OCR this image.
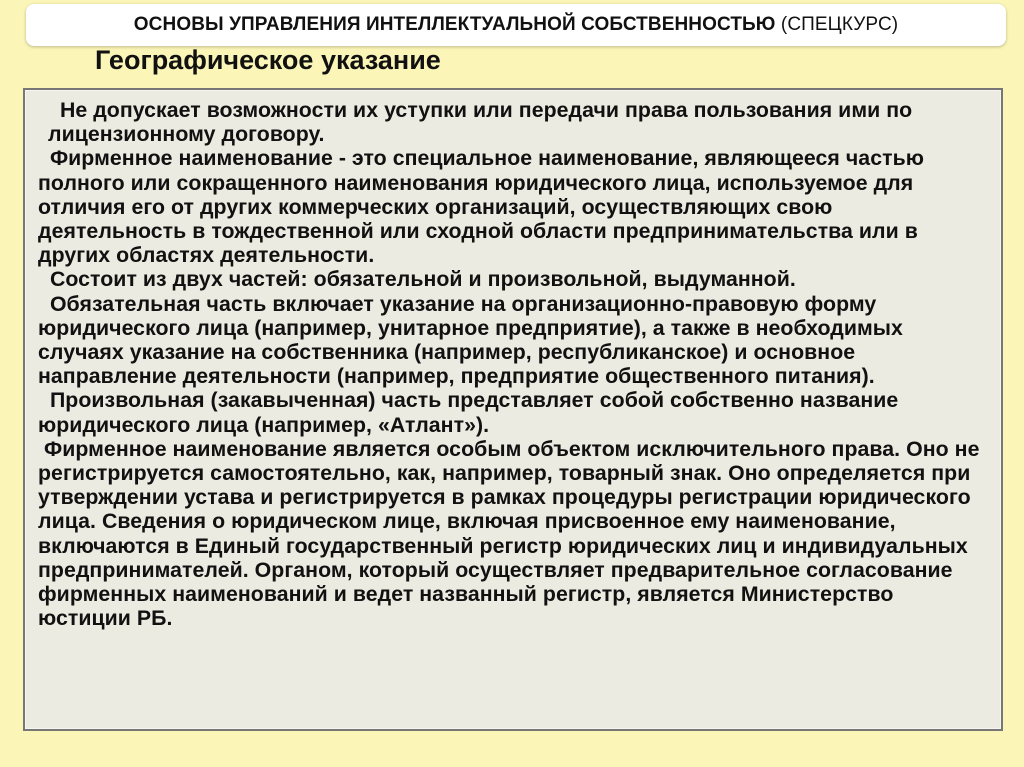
ОСНОВЫ УПРАВЛЕНИЯ ИНТЕЛЛЕКТУАЛЬНОЙ СОБСТВЕННОСТЬЮ (СПЕЦКУРС)
Географическое указание

Не допускает возможности их уступки или передачи права пользования ими по лицензионному договору.

Фирменное наименование - это специальное наименование, являющееся частью полного или сокращенного наименования юридического лица, используемое для отличия его от других коммерческих организаций, осуществляющих свою деятельность в тождественной или сходной области предпринимательства или в других областях деятельности.

Состоит из двух частей: обязательной и произвольной, выдуманной.

Обязательная часть включает указание на организационно-правовую форму юридического лица (например, унитарное предприятие), а также в необходимых случаях указание на собственника (например, республиканское) и основное направление деятельности (например, предприятие общественного питания).

Произвольная (закавыченная) часть представляет собой собственно название юридического лица (например, «Атлант»).

Фирменное наименование является особым объектом исключительного права. Оно не регистрируется самостоятельно, как, например, товарный знак. Оно определяется при утверждении устава и регистрируется в рамках процедуры регистрации юридического лица. Сведения о юридическом лице, включая присвоенное ему наименование, включаются в Единый государственный регистр юридических лиц и индивидуальных предпринимателей. Органом, который осуществляет предварительное согласование фирменных наименований и ведет названный регистр, является Министерство юстиции РБ.
